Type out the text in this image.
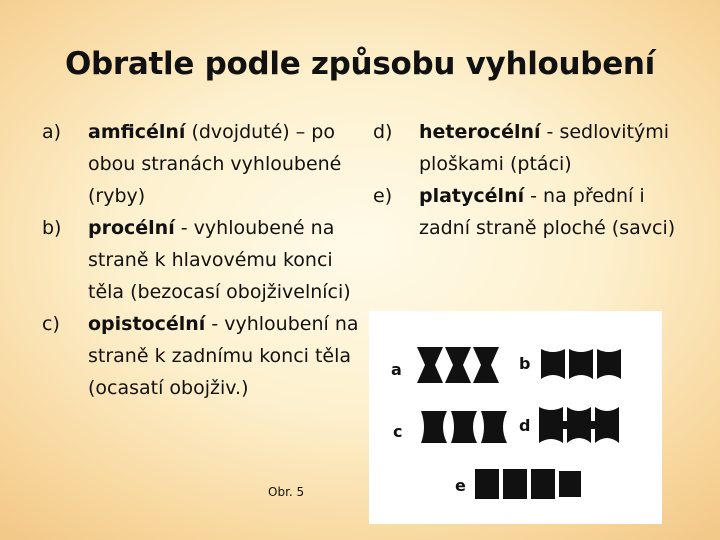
Obratle podle způsobu vyhloubení
a)	amficélní (dvojduté) – po obou stranách vyhloubené (ryby)
b)	procélní - vyhloubené na straně k hlavovému konci těla (bezocasí obojživelníci)
c)	opistocélní - vyhloubení na straně k zadnímu konci těla (ocasatí obojživ.)
d)	heterocélní - sedlovitými ploškami (ptáci)
e)	platycélní - na přední i zadní straně ploché (savci)
Obr. 5
a	b
c	d
e
